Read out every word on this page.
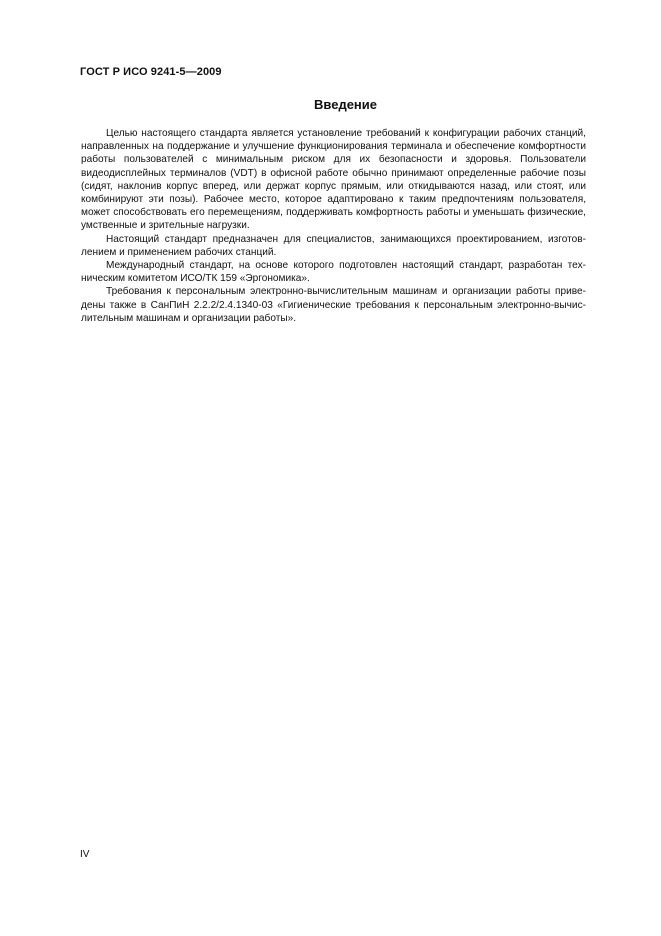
ГОСТ Р ИСО 9241-5—2009
Введение

Целью настоящего стандарта является установление требований к конфигурации рабочих станций, направленных на поддержание и улучшение функционирования терминала и обеспечение комфортности работы пользователей с минимальным риском для их безопасности и здоровья. Пользователи видеодисплейных терминалов (VDT) в офисной работе обычно принимают определенные рабочие позы (сидят, наклонив корпус вперед, или держат корпус прямым, или откидываются назад, или стоят, или комбинируют эти позы). Рабочее место, которое адаптировано к таким предпочтениям пользователя, может способствовать его перемещениям, поддерживать комфортность работы и уменьшать физические, умственные и зрительные нагрузки.

Настоящий стандарт предназначен для специалистов, занимающихся проектированием, изготовлением и применением рабочих станций.

Международный стандарт, на основе которого подготовлен настоящий стандарт, разработан техническим комитетом ИСО/ТК 159 «Эргономика».

Требования к персональным электронно-вычислительным машинам и организации работы приведены также в СанПиН 2.2.2/2.4.1340-03 «Гигиенические требования к персональным электронно-вычислительным машинам и организации работы».

IV
